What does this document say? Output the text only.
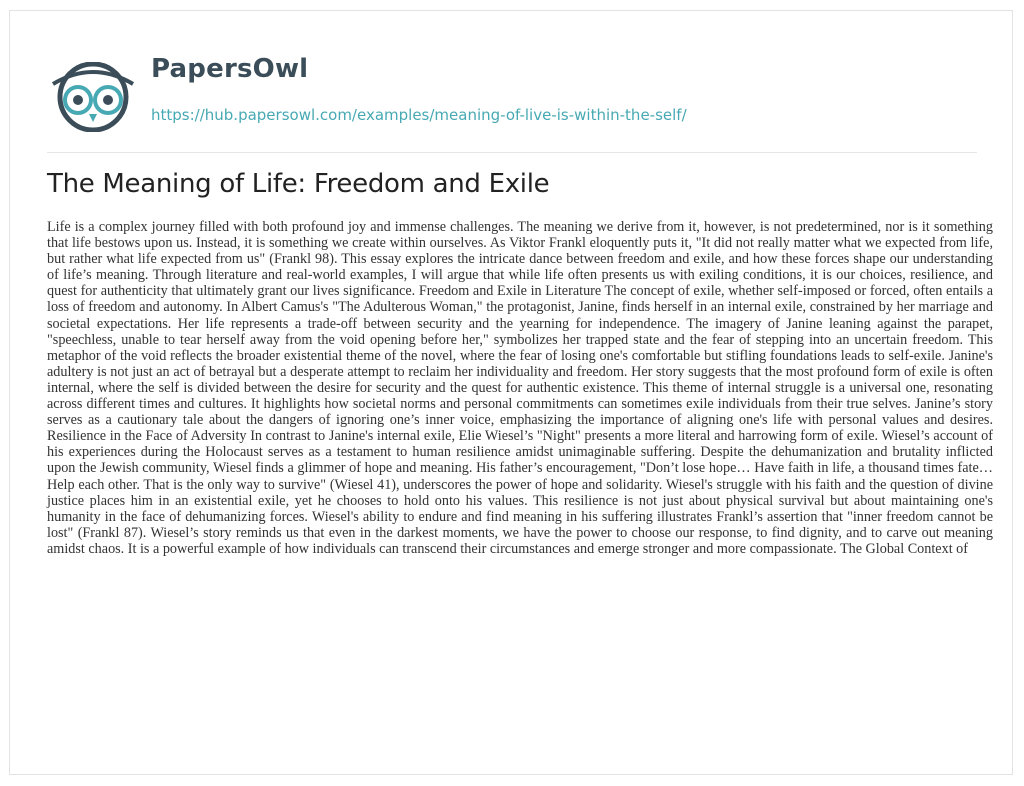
PapersOwl
https://hub.papersowl.com/examples/meaning-of-live-is-within-the-self/
The Meaning of Life: Freedom and Exile

Life is a complex journey filled with both profound joy and immense challenges. The meaning we derive from it, however, is not predetermined, nor is it something that life bestows upon us. Instead, it is something we create within ourselves. As Viktor Frankl eloquently puts it, "It did not really matter what we expected from life, but rather what life expected from us" (Frankl 98). This essay explores the intricate dance between freedom and exile, and how these forces shape our understanding of life’s meaning. Through literature and real-world examples, I will argue that while life often presents us with exiling conditions, it is our choices, resilience, and quest for authenticity that ultimately grant our lives significance. Freedom and Exile in Literature The concept of exile, whether self-imposed or forced, often entails a loss of freedom and autonomy. In Albert Camus's "The Adulterous Woman," the protagonist, Janine, finds herself in an internal exile, constrained by her marriage and societal expectations. Her life represents a trade-off between security and the yearning for independence. The imagery of Janine leaning against the parapet, "speechless, unable to tear herself away from the void opening before her," symbolizes her trapped state and the fear of stepping into an uncertain freedom. This metaphor of the void reflects the broader existential theme of the novel, where the fear of losing one's comfortable but stifling foundations leads to self-exile. Janine's adultery is not just an act of betrayal but a desperate attempt to reclaim her individuality and freedom. Her story suggests that the most profound form of exile is often internal, where the self is divided between the desire for security and the quest for authentic existence. This theme of internal struggle is a universal one, resonating across different times and cultures. It highlights how societal norms and personal commitments can sometimes exile individuals from their true selves. Janine’s story serves as a cautionary tale about the dangers of ignoring one’s inner voice, emphasizing the importance of aligning one's life with personal values and desires. Resilience in the Face of Adversity In contrast to Janine's internal exile, Elie Wiesel’s "Night" presents a more literal and harrowing form of exile. Wiesel’s account of his experiences during the Holocaust serves as a testament to human resilience amidst unimaginable suffering. Despite the dehumanization and brutality inflicted upon the Jewish community, Wiesel finds a glimmer of hope and meaning. His father’s encouragement, "Don’t lose hope… Have faith in life, a thousand times fate… Help each other. That is the only way to survive" (Wiesel 41), underscores the power of hope and solidarity. Wiesel's struggle with his faith and the question of divine justice places him in an existential exile, yet he chooses to hold onto his values. This resilience is not just about physical survival but about maintaining one's humanity in the face of dehumanizing forces. Wiesel's ability to endure and find meaning in his suffering illustrates Frankl’s assertion that "inner freedom cannot be lost" (Frankl 87). Wiesel’s story reminds us that even in the darkest moments, we have the power to choose our response, to find dignity, and to carve out meaning amidst chaos. It is a powerful example of how individuals can transcend their circumstances and emerge stronger and more compassionate. The Global Context of
